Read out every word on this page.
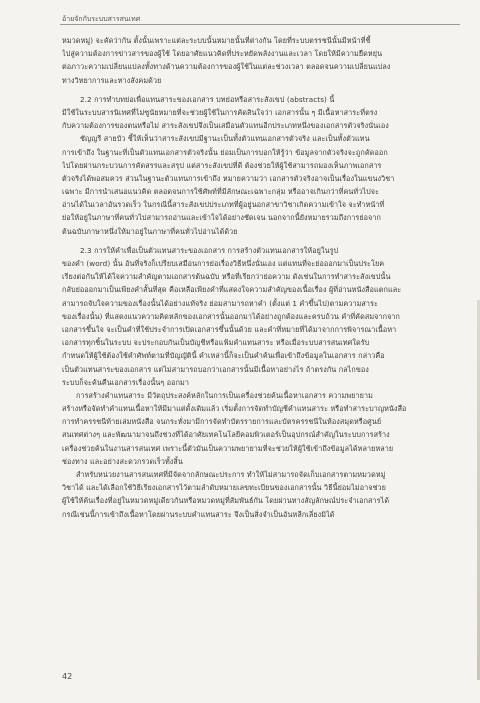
อ้ายจักกับระบบสารสนเทศ
หมวดหมู่) จะคัดว่ากัน ตั้งนั้นเพราะแต่ละระบบนั้นหมายนั้นที่ต่างกัน โดยที่ระบบตรรชนีนั้นมีหน้าที่ชี้
ไปสู่ความต้องการข่าวสารของผู้ใช้ โดยอาศัยแนวคิดที่ประหยัดพลังงานและเวลา โดยให้มีความยืดหยุ่น
ต่อภาวะความเปลี่ยนแปลงทั้งทางด้านความต้องการของผู้ใช้ในแต่ละช่วงเวลา ตลอดจนความเปลี่ยนแปลง
ทางวิทยาการและทางสังคมด้วย
2.2 การทำบทย่อเพื่อแทนสาระของเอกสาร บทย่อหรือสาระสังเขป (abstracts) นี้
มีใช้ในระบบสารนิเทศที่ไม่ซูนัยหมายที่จะช่วยผู้ใช้ในการคัดสินใจว่า เอกสารนั้น ๆ มีเนื้อหาสาระที่ตรง
กับความต้องการของตนหรือไม่ สาระสังเขปจึงเป็นเสมือนตัวแทนอีกประเภทหนึ่งของเอกสารตัวจริงนั่นเอง
ชัญญรี สายบัว ชี้ให้เห็นว่าสาระสังเขปมีฐานะเป็นทั้งตัวแทนเอกสารตัวจริง และเป็นทั้งตัวแทน
การเข้าถึง ในฐานะที่เป็นตัวแทนเอกสารตัวจริงนั้น ย่อมเป็นการบอกให้รู้ว่า ข้อมูลจากตัวจริงจะถูกคัดออก
ไปโดยผ่านกระบวนการคัดสรรและสรุป แต่สาระสังเขปที่ดี ต้องช่วยให้ผู้ใช้สามารถมองเห็นภาพเอกสาร
ตัวจริงได้พอสมควร ส่วนในฐานะตัวแทนการเข้าถึง หมายความว่า เอกสารตัวจริงอาจเป็นเรื่องในแขนงวิชา
เฉพาะ มีการนำเสนอแนวคิด ตลอดจนการใช้ศัพท์ที่มีลักษณะเฉพาะกลุ่ม หรืออาจเกินกว่าที่คนทั่วไปจะ
อ่านได้ในเวลาอันรวดเร็ว ในกรณีนี้สาระสังเขปประเภทที่ผู้อยู่นอกสาขาวิชาเกิดความเข้าใจ จะทำหน้าที่
ย่อให้อยู่ในภาษาที่คนทั่วไปสามารถอ่านและเข้าใจได้อย่างชัดเจน นอกจากนี้ยังหมายรวมถึงการย่อจาก
ต้นฉบับภาษาหนึ่งให้มาอยู่ในภาษาที่คนทั่วไปอ่านได้ด้วย
2.3 การให้คำเพื่อเป็นตัวแทนสาระของเอกสาร การสร้างตัวแทนเอกสารให้อยู่ในรูป
ของคำ (word) นั้น อันที่จริงก็เปรียบเสมือนการย่อเรื่องวิธีหนึ่งนั่นเอง แต่แทนที่จะย่อออกมาเป็นประโยค
เรียงต่อกันให้ได้ใจความสำคัญตามเอกสารต้นฉบับ หรือที่เรียกว่าย่อความ ดังเช่นในการทำสาระสังเขปนั้น
กลับย่อออกมาเป็นเพียงคำสั้นที่สุด คือเหลือเพียงคำที่แสดงใจความสำคัญของเนื้อเรื่อง ผู้ที่อ่านหนังสือแตกและ
สามารถจับใจความของเรื่องนั้นได้อย่างแท้จริง ย่อมสามารถหาคำ (ตั้งแต่ 1 คำขึ้นไป)ตามความสาระ
ของเรื่องนั้น) ที่แสดงแนวความคิดหลักของเอกสารนั้นออกมาได้อย่างถูกต้องและครบถ้วน คำที่คัดสมจากจาก
เอกสารขึ้นใจ จะเป็นคำที่ใช้ประจำการเปิดเอกสารขึ้นนั้นด้วย และคำที่หมายที่ได้มาจากการพิจารณาเนื้อหา
เอกสารทุกชิ้นในระบบ จะประกอบกันเป็นบัญชีหรือแฟ้มคำแทนสาระ หรือเมื่อระบบสารสนเทศใดรับ
กำหนดให้ผู้ใช้ต้องใช้คำศัพท์ตามที่บัญญัตินี้ คำเหล่านี้ก็จะเป็นคำค้นเพื่อเข้าถึงข้อมูลในเอกสาร กล่าวคือ
เป็นตัวแทนสาระของเอกสาร แต่ไม่สามารถบอกว่าเอกสารนั้นมีเนื้อหาอย่างไร ถ้าตรงกัน กลไกของ
ระบบก็จะค้นคืนเอกสารเรื่องนั้นๆ ออกมา
การสร้างคำแทนสาระ มีวัตถุประสงค์หลักในการเป็นเครื่องช่วยค้นเนื้อหาเอกสาร ความพยายาม
สร้างหรือจัดทำคำแทนเนื้อหาให้มีมาแต่ดั้งเดิมแล้ว เริ่มตั้งการจัดทำบัญชีคำแทนสาระ หรือทำสาระบาญหนังสือ
การทำครรชนีท้ายเล่มหนังสือ จนกระทั่งมามีการจัดทำบัตรรายการและบัตรครรชนีในห้องสมุดหรือศูนย์
สนเทศต่างๆ และพัฒนามาจนถึงช่วงที่ได้อาศัยเทคโนโลยีคอมพิวเตอร์เป็นอุปกรณ์สำคัญในระบบการสร้าง
เครื่องช่วยค้นในงานสารสนเทศ เพราะนี้ตัวมันเป็นความพยายามที่จะช่วยให้ผู้ใช้เข้าถึงข้อมูลได้หลายหลาย
ช่องทาง และอย่างสะดวกรวดเร็วทั้งสิ้น
สำหรับหน่วยงานสารสนเทศที่มีจัดจากลักษณะประการ ทำให้ไม่สามารถจัดเก็บเอกสารตามหมวดหมู่
วิชาได้ และได้เลือกใช้วิธีเรียงเอกสารไว้ตามลำดับหมายเลขทะเบียนของเอกสารนั้น วิธีนี้ย่อมไม่อาจช่วย
ผู้ใช้ให้ค้นเรื่องที่อยู่ในหมวดหมู่เดียวกันหรือหมวดหมู่ที่สัมพันธ์กัน โดยผ่านทางสัญลักษณ์ประจำเอกสารได้
กรณีเช่นนี้การเข้าถึงเนื้อหาโดยผ่านระบบคำแทนสาระ จึงเป็นสิ่งจำเป็นอันหลีกเลี่ยงมิได้
42
